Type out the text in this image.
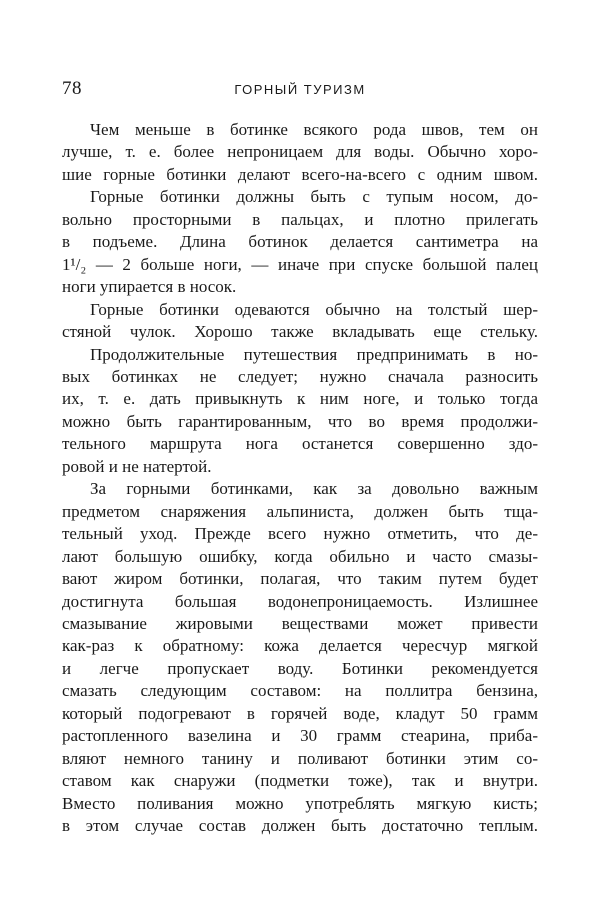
78	ГОРНЫЙ ТУРИЗМ

Чем меньше в ботинке всякого рода швов, тем он
лучше, т. е. более непроницаем для воды. Обычно хоро-
шие горные ботинки делают всего-на-всего с одним швом.

Горные ботинки должны быть с тупым носом, до-
вольно просторными в пальцах, и плотно прилегать
в подъеме. Длина ботинок делается сантиметра на
1¹/₂ — 2 больше ноги, — иначе при спуске большой палец
ноги упирается в носок.

Горные ботинки одеваются обычно на толстый шер-
стяной чулок. Хорошо также вкладывать еще стельку.

Продолжительные путешествия предпринимать в но-
вых ботинках не следует; нужно сначала разносить
их, т. е. дать привыкнуть к ним ноге, и только тогда
можно быть гарантированным, что во время продолжи-
тельного маршрута нога останется совершенно здо-
ровой и не натертой.

За горными ботинками, как за довольно важным
предметом снаряжения альпиниста, должен быть тща-
тельный уход. Прежде всего нужно отметить, что де-
лают большую ошибку, когда обильно и часто смазы-
вают жиром ботинки, полагая, что таким путем будет
достигнута большая водонепроницаемость. Излишнее
смазывание жировыми веществами может привести
как-раз к обратному: кожа делается чересчур мягкой
и легче пропускает воду. Ботинки рекомендуется
смазать следующим составом: на поллитра бензина,
который подогревают в горячей воде, кладут 50 грамм
растопленного вазелина и 30 грамм стеарина, приба-
вляют немного танину и поливают ботинки этим со-
ставом как снаружи (подметки тоже), так и внутри.
Вместо поливания можно употреблять мягкую кисть;
в этом случае состав должен быть достаточно теплым.
